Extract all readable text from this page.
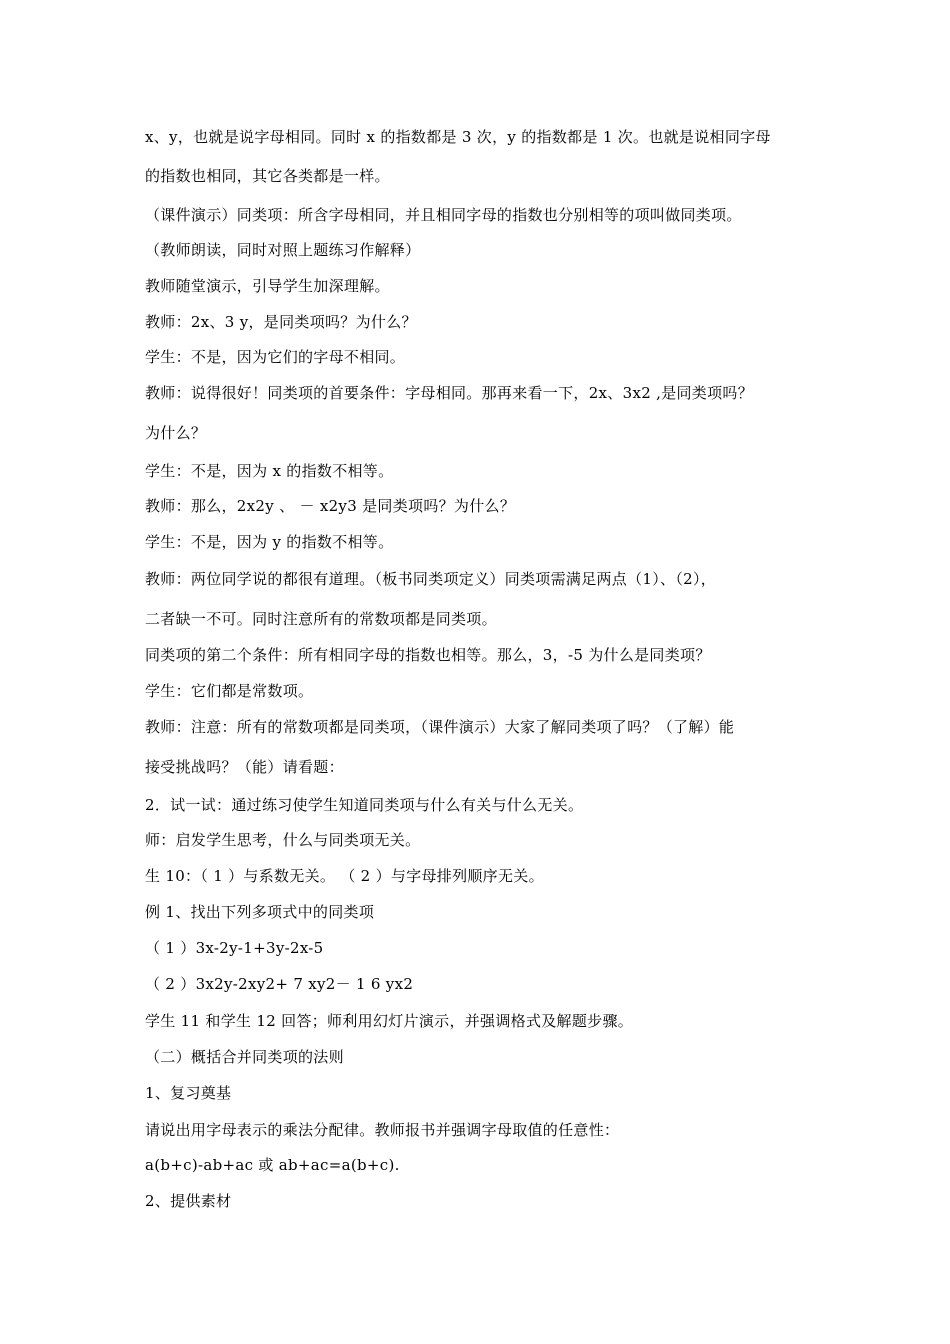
x、y，也就是说字母相同。同时 x 的指数都是 3 次，y 的指数都是 1 次。也就是说相同字母
的指数也相同，其它各类都是一样。
（课件演示）同类项：所含字母相同，并且相同字母的指数也分别相等的项叫做同类项。
（教师朗读，同时对照上题练习作解释）
教师随堂演示，引导学生加深理解。
教师：2x、3 y，是同类项吗？为什么？
学生：不是，因为它们的字母不相同。
教师：说得很好！同类项的首要条件：字母相同。那再来看一下，2x、3x2 ,是同类项吗？
为什么？
学生：不是，因为 x 的指数不相等。
教师：那么，2x2y 、 － x2y3 是同类项吗？为什么？
学生：不是，因为 y 的指数不相等。
教师：两位同学说的都很有道理。（板书同类项定义）同类项需满足两点（1）、（2），
二者缺一不可。同时注意所有的常数项都是同类项。
同类项的第二个条件：所有相同字母的指数也相等。那么，3，-5 为什么是同类项？
学生：它们都是常数项。
教师：注意：所有的常数项都是同类项，（课件演示）大家了解同类项了吗？（了解）能
接受挑战吗？（能）请看题：
2．试一试：通过练习使学生知道同类项与什么有关与什么无关。
师：启发学生思考，什么与同类项无关。
生 10：（ 1 ）与系数无关。 （ 2 ）与字母排列顺序无关。
例 1、找出下列多项式中的同类项
（ 1 ）3x-2y-1+3y-2x-5
（ 2 ）3x2y-2xy2+ 7 xy2－ 1 6 yx2
学生 11 和学生 12 回答；师利用幻灯片演示，并强调格式及解题步骤。
（二）概括合并同类项的法则
1、复习奠基
请说出用字母表示的乘法分配律。教师报书并强调字母取值的任意性：
a(b+c)-ab+ac 或 ab+ac=a(b+c).
2、提供素材
